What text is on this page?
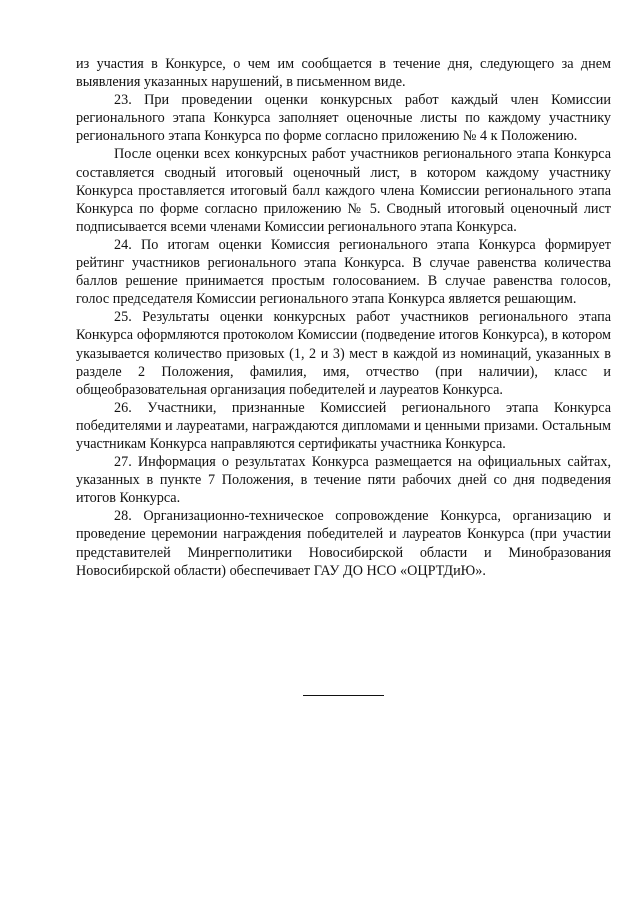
из участия в Конкурсе, о чем им сообщается в течение дня, следующего за днем выявления указанных нарушений, в письменном виде.

23. При проведении оценки конкурсных работ каждый член Комиссии регионального этапа Конкурса заполняет оценочные листы по каждому участнику регионального этапа Конкурса по форме согласно приложению № 4 к Положению.

После оценки всех конкурсных работ участников регионального этапа Конкурса составляется сводный итоговый оценочный лист, в котором каждому участнику Конкурса проставляется итоговый балл каждого члена Комиссии регионального этапа Конкурса по форме согласно приложению № 5. Сводный итоговый оценочный лист подписывается всеми членами Комиссии регионального этапа Конкурса.

24. По итогам оценки Комиссия регионального этапа Конкурса формирует рейтинг участников регионального этапа Конкурса. В случае равенства количества баллов решение принимается простым голосованием. В случае равенства голосов, голос председателя Комиссии регионального этапа Конкурса является решающим.

25. Результаты оценки конкурсных работ участников регионального этапа Конкурса оформляются протоколом Комиссии (подведение итогов Конкурса), в котором указывается количество призовых (1, 2 и 3) мест в каждой из номинаций, указанных в разделе 2 Положения, фамилия, имя, отчество (при наличии), класс и общеобразовательная организация победителей и лауреатов Конкурса.

26. Участники, признанные Комиссией регионального этапа Конкурса победителями и лауреатами, награждаются дипломами и ценными призами. Остальным участникам Конкурса направляются сертификаты участника Конкурса.

27. Информация о результатах Конкурса размещается на официальных сайтах, указанных в пункте 7 Положения, в течение пяти рабочих дней со дня подведения итогов Конкурса.

28. Организационно-техническое сопровождение Конкурса, организацию и проведение церемонии награждения победителей и лауреатов Конкурса (при участии представителей Минрегполитики Новосибирской области и Минобразования Новосибирской области) обеспечивает ГАУ ДО НСО «ОЦРТДиЮ».
